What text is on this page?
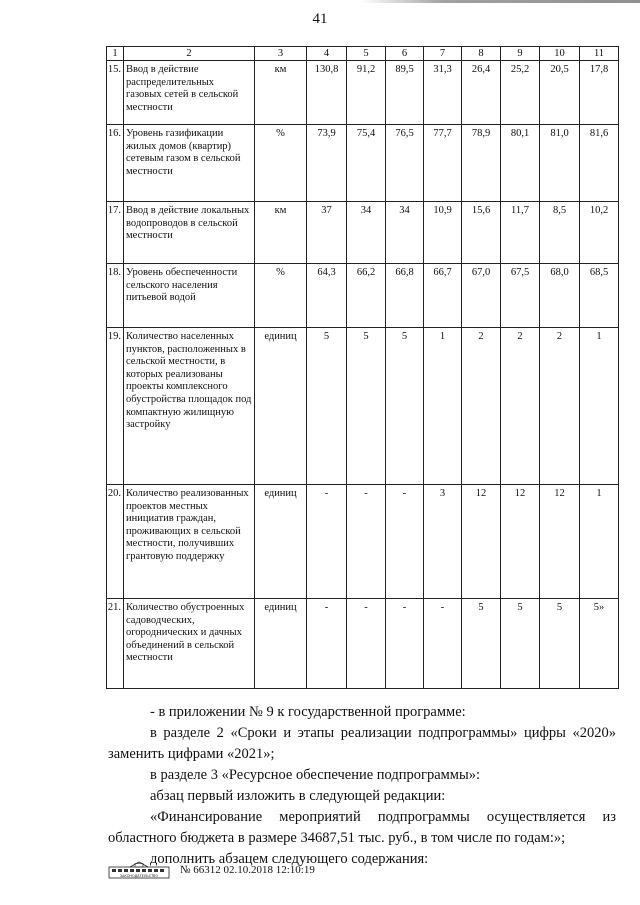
41
1	2	3	4	5	6	7	8	9	10	11
15.	Ввод в действие распределительных газовых сетей в сельской местности	км	130,8	91,2	89,5	31,3	26,4	25,2	20,5	17,8
16.	Уровень газификации жилых домов (квартир) сетевым газом в сельской местности	%	73,9	75,4	76,5	77,7	78,9	80,1	81,0	81,6
17.	Ввод в действие локальных водопроводов в сельской местности	км	37	34	34	10,9	15,6	11,7	8,5	10,2
18.	Уровень обеспеченности сельского населения питьевой водой	%	64,3	66,2	66,8	66,7	67,0	67,5	68,0	68,5
19.	Количество населенных пунктов, расположенных в сельской местности, в которых реализованы проекты комплексного обустройства площадок под компактную жилищную застройку	единиц	5	5	5	1	2	2	2	1
20.	Количество реализованных проектов местных инициатив граждан, проживающих в сельской местности, получивших грантовую поддержку	единиц	-	-	-	3	12	12	12	1
21.	Количество обустроенных садоводческих, огороднических и дачных объединений в сельской местности	единиц	-	-	-	-	5	5	5	5»

- в приложении № 9 к государственной программе:

в разделе 2 «Сроки и этапы реализации подпрограммы» цифры «2020»

заменить цифрами «2021»;

в разделе 3 «Ресурсное обеспечение подпрограммы»:

абзац первый изложить в следующей редакции:

«Финансирование мероприятий подпрограммы осуществляется из

областного бюджета в размере 34687,51 тыс. руб., в том числе по годам:»;

дополнить абзацем следующего содержания:

ЗАКОНОДАТЕЛЬСТВО
№ 66312 02.10.2018 12:10:19
